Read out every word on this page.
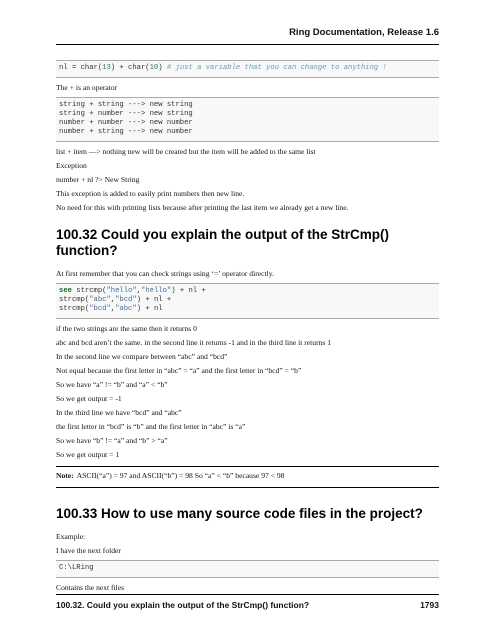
Ring Documentation, Release 1.6
nl = char(13) + char(10) # just a variable that you can change to anything !
The + is an operator
string + string ---> new string
string + number ---> new string
number + number ---> new number
number + string ---> new number
list + item —> nothing new will be created but the item will be added to the same list
Exception
number + nl ?> New String
This exception is added to easily print numbers then new line.
No need for this with printing lists because after printing the last item we already get a new line.
100.32 Could you explain the output of the StrCmp() function?
At first remember that you can check strings using ‘=’ operator directly.
see strcmp("hello","hello") + nl +
strcmp("abc","bcd") + nl +
strcmp("bcd","abc") + nl
if the two strings are the same then it returns 0
abc and bcd aren’t the same. in the second line it returns -1 and in the third line it returns 1
In the second line we compare between “abc” and “bcd”
Not equal because the first letter in “abc” = “a” and the first letter in “bcd” = “b”
So we have “a” != “b” and “a” < “b”
So we get output = -1
In the third line we have “bcd” and “abc”
the first letter in “bcd” is “b” and the first letter in “abc” is “a”
So we have “b” != “a” and “b” > “a”
So we get output = 1
Note: ASCII(“a”) = 97 and ASCII(“b”) = 98 So “a” < “b” because 97 < 98
100.33 How to use many source code files in the project?
Example:
I have the next folder
C:\LRing
Contains the next files
100.32. Could you explain the output of the StrCmp() function?	1793
